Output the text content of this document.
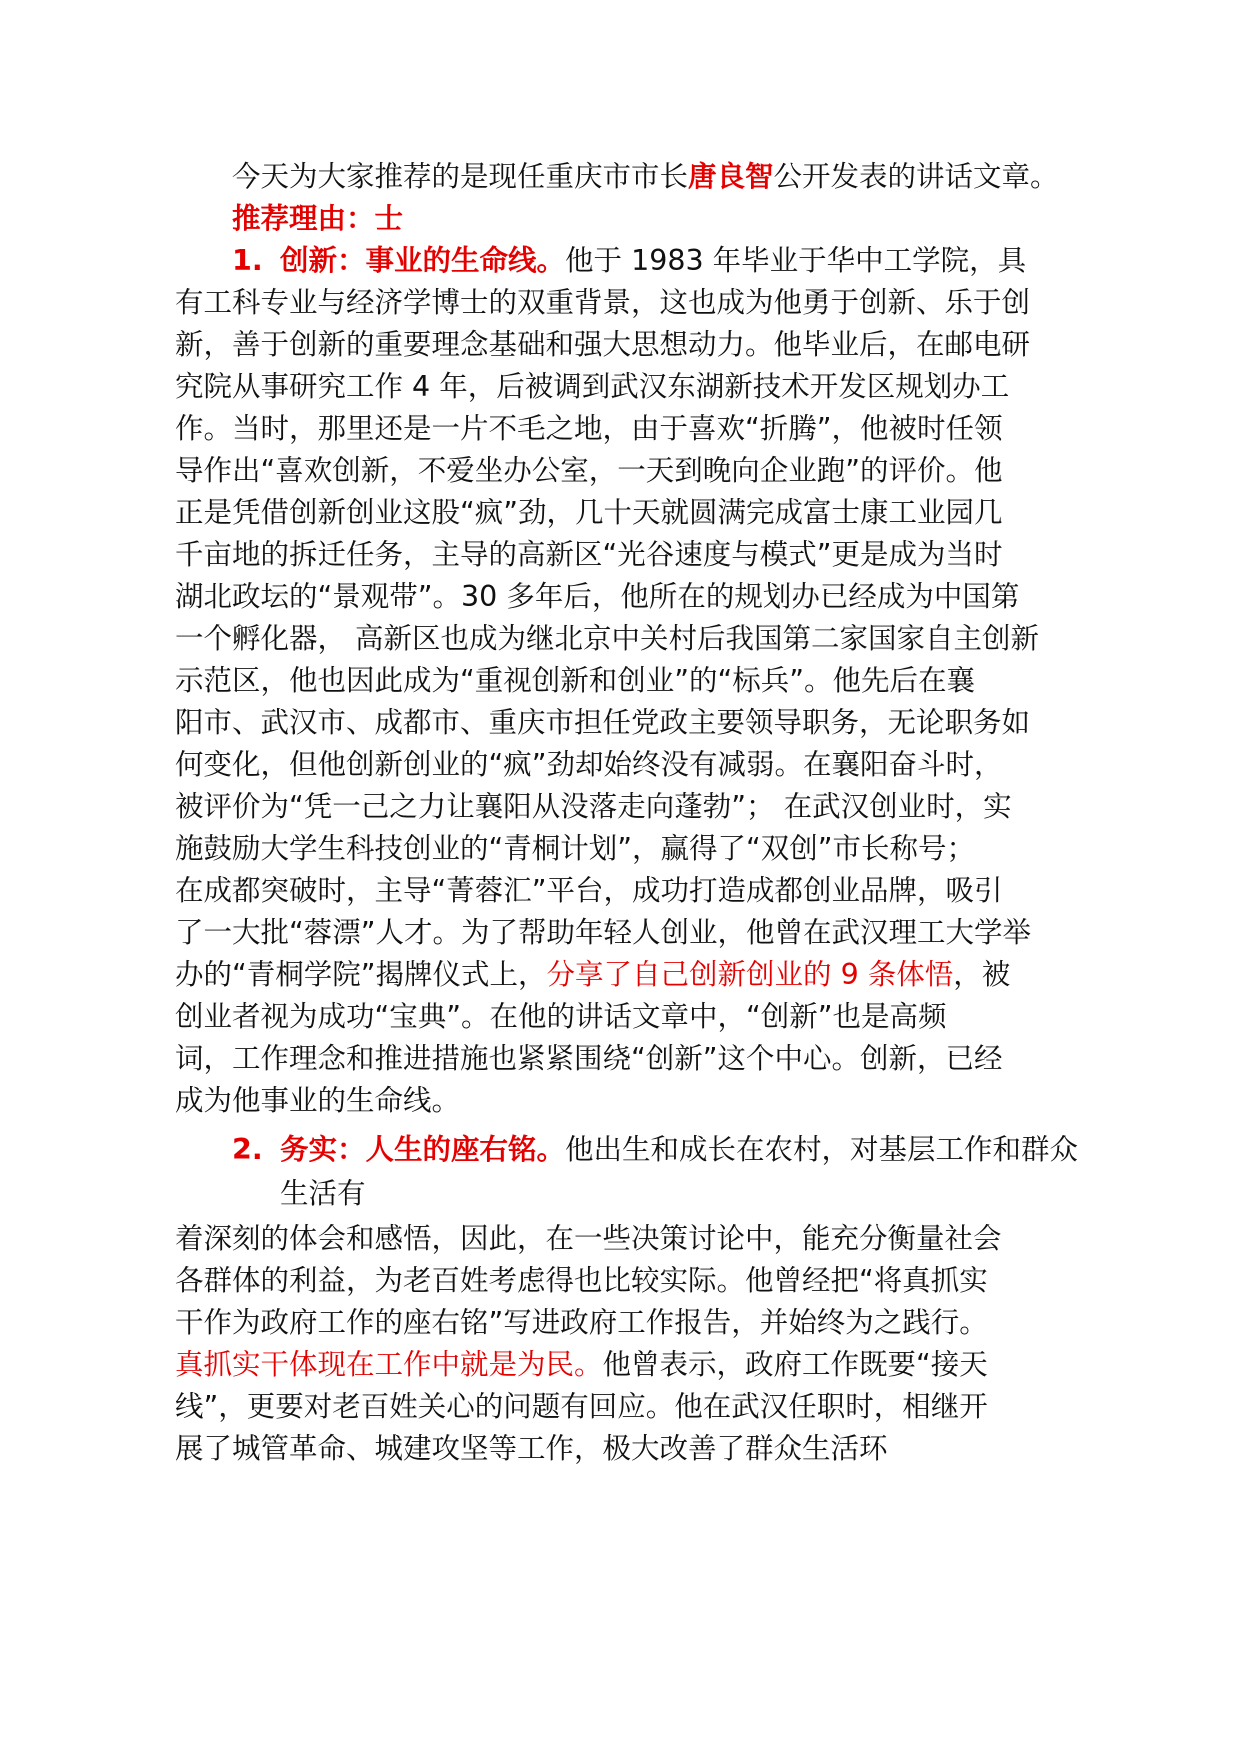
今天为大家推荐的是现任重庆市市长唐良智公开发表的讲话文章。
推荐理由：士
1. 创新：事业的生命线。他于 1983 年毕业于华中工学院，具
有工科专业与经济学博士的双重背景，这也成为他勇于创新、乐于创
新，善于创新的重要理念基础和强大思想动力。他毕业后，在邮电研
究院从事研究工作 4 年，后被调到武汉东湖新技术开发区规划办工
作。当时，那里还是一片不毛之地，由于喜欢“折腾”，他被时任领
导作出“喜欢创新，不爱坐办公室，一天到晚向企业跑”的评价。他
正是凭借创新创业这股“疯”劲，几十天就圆满完成富士康工业园几
千亩地的拆迁任务，主导的高新区“光谷速度与模式”更是成为当时
湖北政坛的“景观带”。30 多年后，他所在的规划办已经成为中国第
一个孵化器， 高新区也成为继北京中关村后我国第二家国家自主创新
示范区，他也因此成为“重视创新和创业”的“标兵”。他先后在襄
阳市、武汉市、成都市、重庆市担任党政主要领导职务，无论职务如
何变化，但他创新创业的“疯”劲却始终没有减弱。在襄阳奋斗时，
被评价为“凭一己之力让襄阳从没落走向蓬勃”； 在武汉创业时，实
施鼓励大学生科技创业的“青桐计划”，赢得了“双创”市长称号；
在成都突破时，主导“菁蓉汇”平台，成功打造成都创业品牌，吸引
了一大批“蓉漂”人才。为了帮助年轻人创业，他曾在武汉理工大学举
办的“青桐学院”揭牌仪式上，分享了自己创新创业的 9 条体悟，被
创业者视为成功“宝典”。在他的讲话文章中，“创新”也是高频
词，工作理念和推进措施也紧紧围绕“创新”这个中心。创新，已经
成为他事业的生命线。
2. 务实：人生的座右铭。他出生和成长在农村，对基层工作和群众
生活有
着深刻的体会和感悟，因此，在一些决策讨论中，能充分衡量社会
各群体的利益，为老百姓考虑得也比较实际。他曾经把“将真抓实
干作为政府工作的座右铭”写进政府工作报告，并始终为之践行。
真抓实干体现在工作中就是为民。他曾表示，政府工作既要“接天
线”，更要对老百姓关心的问题有回应。他在武汉任职时，相继开
展了城管革命、城建攻坚等工作，极大改善了群众生活环
